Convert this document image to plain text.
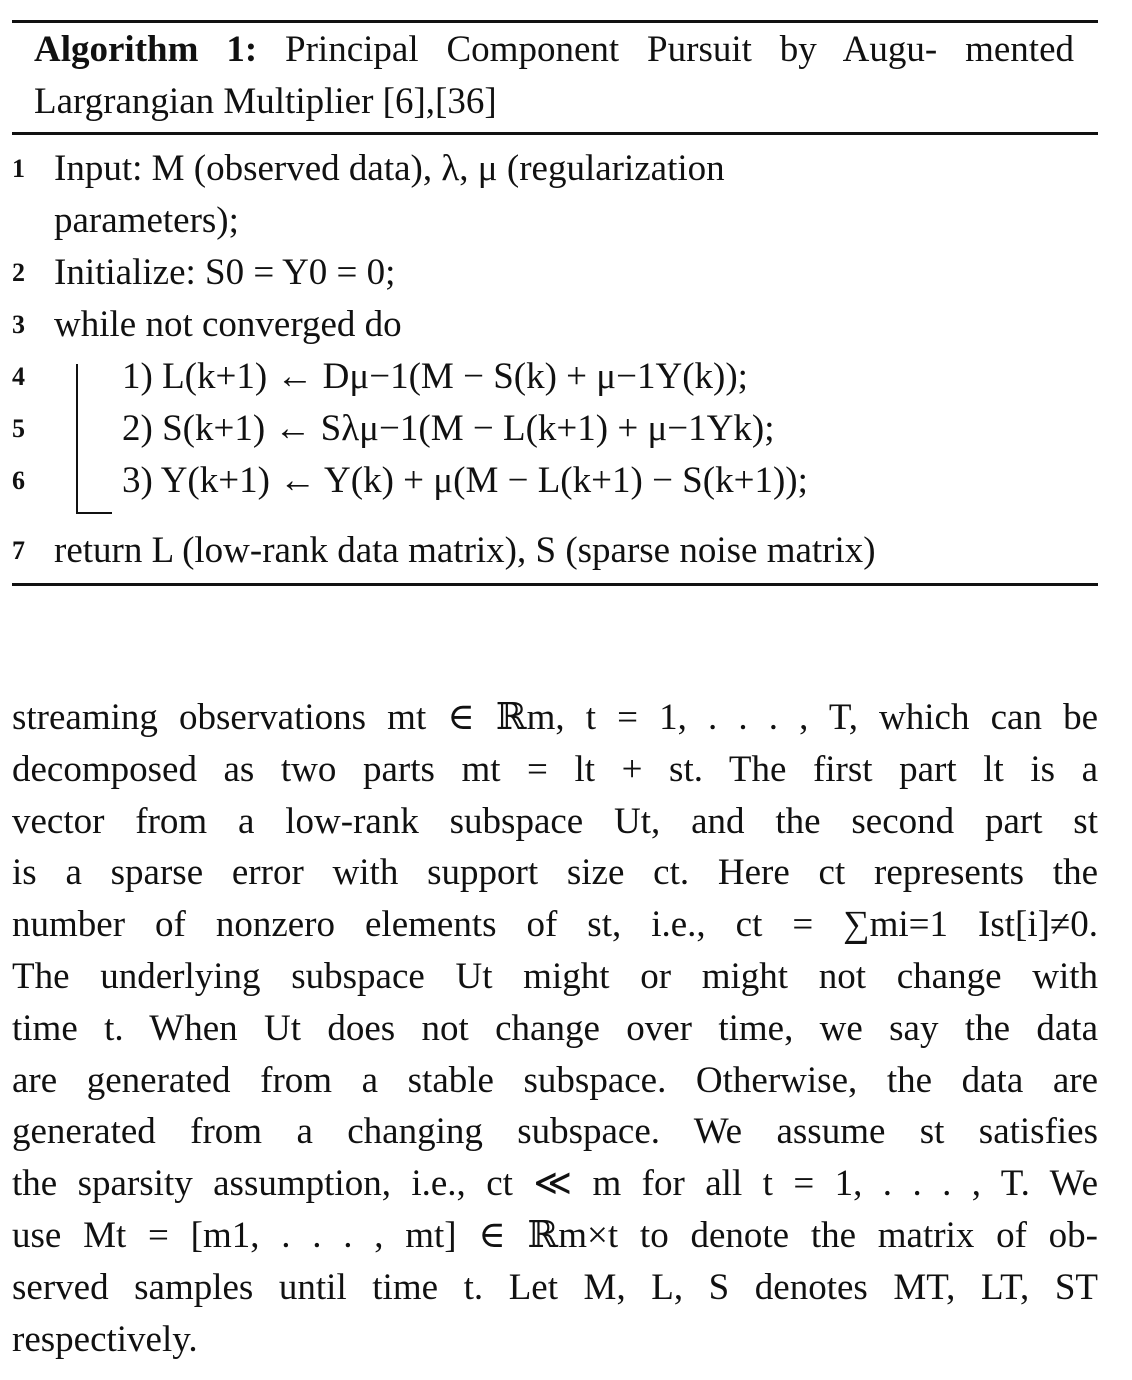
Algorithm 1: Principal Component Pursuit by Augu- mented Largrangian Multiplier [6],[36]
1 Input: M (observed data), λ, μ (regularization
parameters);
2 Initialize: S0 = Y0 = 0;
3 while not converged do
4	1) L(k+1) ← Dμ−1(M − S(k) + μ−1Y(k));
5	2) S(k+1) ← Sλμ−1(M − L(k+1) + μ−1Yk);
6	3) Y(k+1) ← Y(k) + μ(M − L(k+1) − S(k+1));
7 return L (low-rank data matrix), S (sparse noise matrix)
streaming observations mt ∈ ℝm, t = 1, . . . , T, which can be
decomposed as two parts mt = lt + st. The first part lt is a
vector from a low-rank subspace Ut, and the second part st
is a sparse error with support size ct. Here ct represents the
number of nonzero elements of st, i.e., ct = ∑mi=1 Ist[i]≠0.
The underlying subspace Ut might or might not change with
time t. When Ut does not change over time, we say the data
are generated from a stable subspace. Otherwise, the data are
generated from a changing subspace. We assume st satisfies
the sparsity assumption, i.e., ct ≪ m for all t = 1, . . . , T. We
use Mt = [m1, . . . , mt] ∈ ℝm×t to denote the matrix of ob-
served samples until time t. Let M, L, S denotes MT, LT, ST
respectively.
